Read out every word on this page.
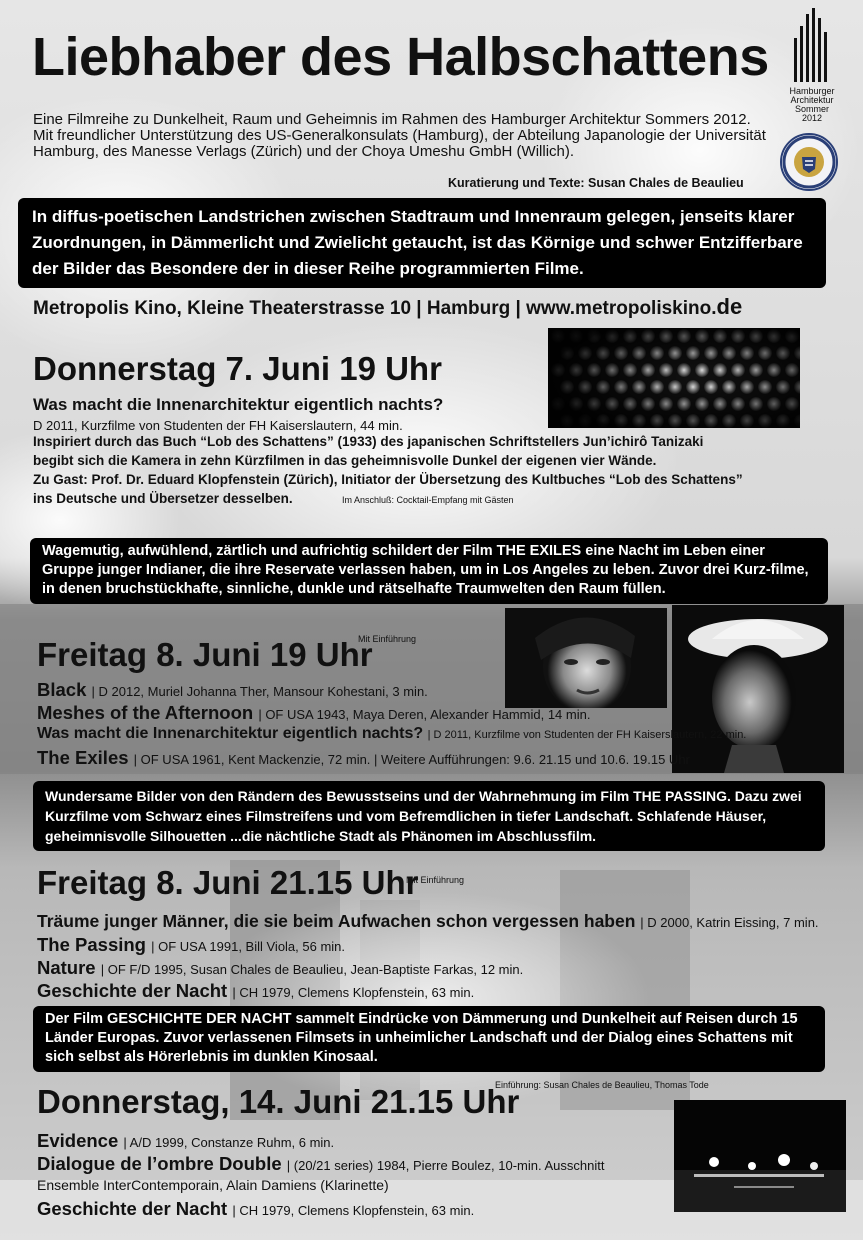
Liebhaber des Halbschattens
Hamburger
Architektur Sommer
2012
Eine Filmreihe zu Dunkelheit, Raum und Geheimnis im Rahmen des Hamburger Architektur Sommers 2012. Mit freundlicher Unterstützung des US-Generalkonsulats (Hamburg), der Abteilung Japanologie der Universität Hamburg, des Manesse Verlags (Zürich) und der Choya Umeshu GmbH (Willich).
Kuratierung und Texte: Susan Chales de Beaulieu
In diffus-poetischen Landstrichen zwischen Stadtraum und Innenraum gelegen, jenseits klarer Zuordnungen, in Dämmerlicht und Zwielicht getaucht, ist das Körnige und schwer Entzifferbare der Bilder das Besondere der in dieser Reihe programmierten Filme.
Metropolis Kino, Kleine Theaterstrasse 10 | Hamburg | www.metropoliskino.de
Donnerstag 7. Juni 19 Uhr
Was macht die Innenarchitektur eigentlich nachts?
D 2011, Kurzfilme von Studenten der FH Kaiserslautern, 44 min.
Inspiriert durch das Buch “Lob des Schattens” (1933) des japanischen Schriftstellers Jun’ichirô Tanizaki
begibt sich die Kamera in zehn Kürzfilmen in das geheimnisvolle Dunkel der eigenen vier Wände.
Zu Gast: Prof. Dr. Eduard Klopfenstein (Zürich), Initiator der Übersetzung des Kultbuches “Lob des Schattens”
ins Deutsche und Übersetzer desselben.	Im Anschluß: Cocktail-Empfang mit Gästen
Wagemutig, aufwühlend, zärtlich und aufrichtig schildert der Film THE EXILES eine Nacht im Leben einer Gruppe junger Indianer, die ihre Reservate verlassen haben, um in Los Angeles zu leben. Zuvor drei Kurz-filme, in denen bruchstückhafte, sinnliche, dunkle und rätselhafte Traumwelten den Raum füllen.
Freitag 8. Juni 19 Uhr
Mit Einführung
Black | D 2012, Muriel Johanna Ther, Mansour Kohestani, 3 min.
Meshes of the Afternoon | OF USA 1943, Maya Deren, Alexander Hammid, 14 min.
Was macht die Innenarchitektur eigentlich nachts? | D 2011, Kurzfilme von Studenten der FH Kaiserslautern, 22 min.
The Exiles | OF USA 1961, Kent Mackenzie, 72 min. | Weitere Aufführungen: 9.6. 21.15 und 10.6. 19.15 Uhr
Wundersame Bilder von den Rändern des Bewusstseins und der Wahrnehmung im Film THE PASSING. Dazu zwei Kurzfilme vom Schwarz eines Filmstreifens und vom Befremdlichen in tiefer Landschaft. Schlafende Häuser, geheimnisvolle Silhouetten ...die nächtliche Stadt als Phänomen im Abschlussfilm.
Freitag 8. Juni 21.15 Uhr
Mit Einführung
Träume junger Männer, die sie beim Aufwachen schon vergessen haben | D 2000, Katrin Eissing, 7 min.
The Passing | OF USA 1991, Bill Viola, 56 min.
Nature | OF F/D 1995, Susan Chales de Beaulieu, Jean-Baptiste Farkas, 12 min.
Geschichte der Nacht | CH 1979, Clemens Klopfenstein, 63 min.
Der Film GESCHICHTE DER NACHT sammelt Eindrücke von Dämmerung und Dunkelheit auf Reisen durch 15 Länder Europas. Zuvor verlassenen Filmsets in unheimlicher Landschaft und der Dialog eines Schattens mit sich selbst als Hörerlebnis im dunklen Kinosaal.
Donnerstag, 14. Juni 21.15 Uhr
Einführung: Susan Chales de Beaulieu, Thomas Tode
Evidence | A/D 1999, Constanze Ruhm, 6 min.
Dialogue de l’ombre Double | (20/21 series) 1984, Pierre Boulez, 10-min. Ausschnitt
Ensemble InterContemporain, Alain Damiens (Klarinette)
Geschichte der Nacht | CH 1979, Clemens Klopfenstein, 63 min.
